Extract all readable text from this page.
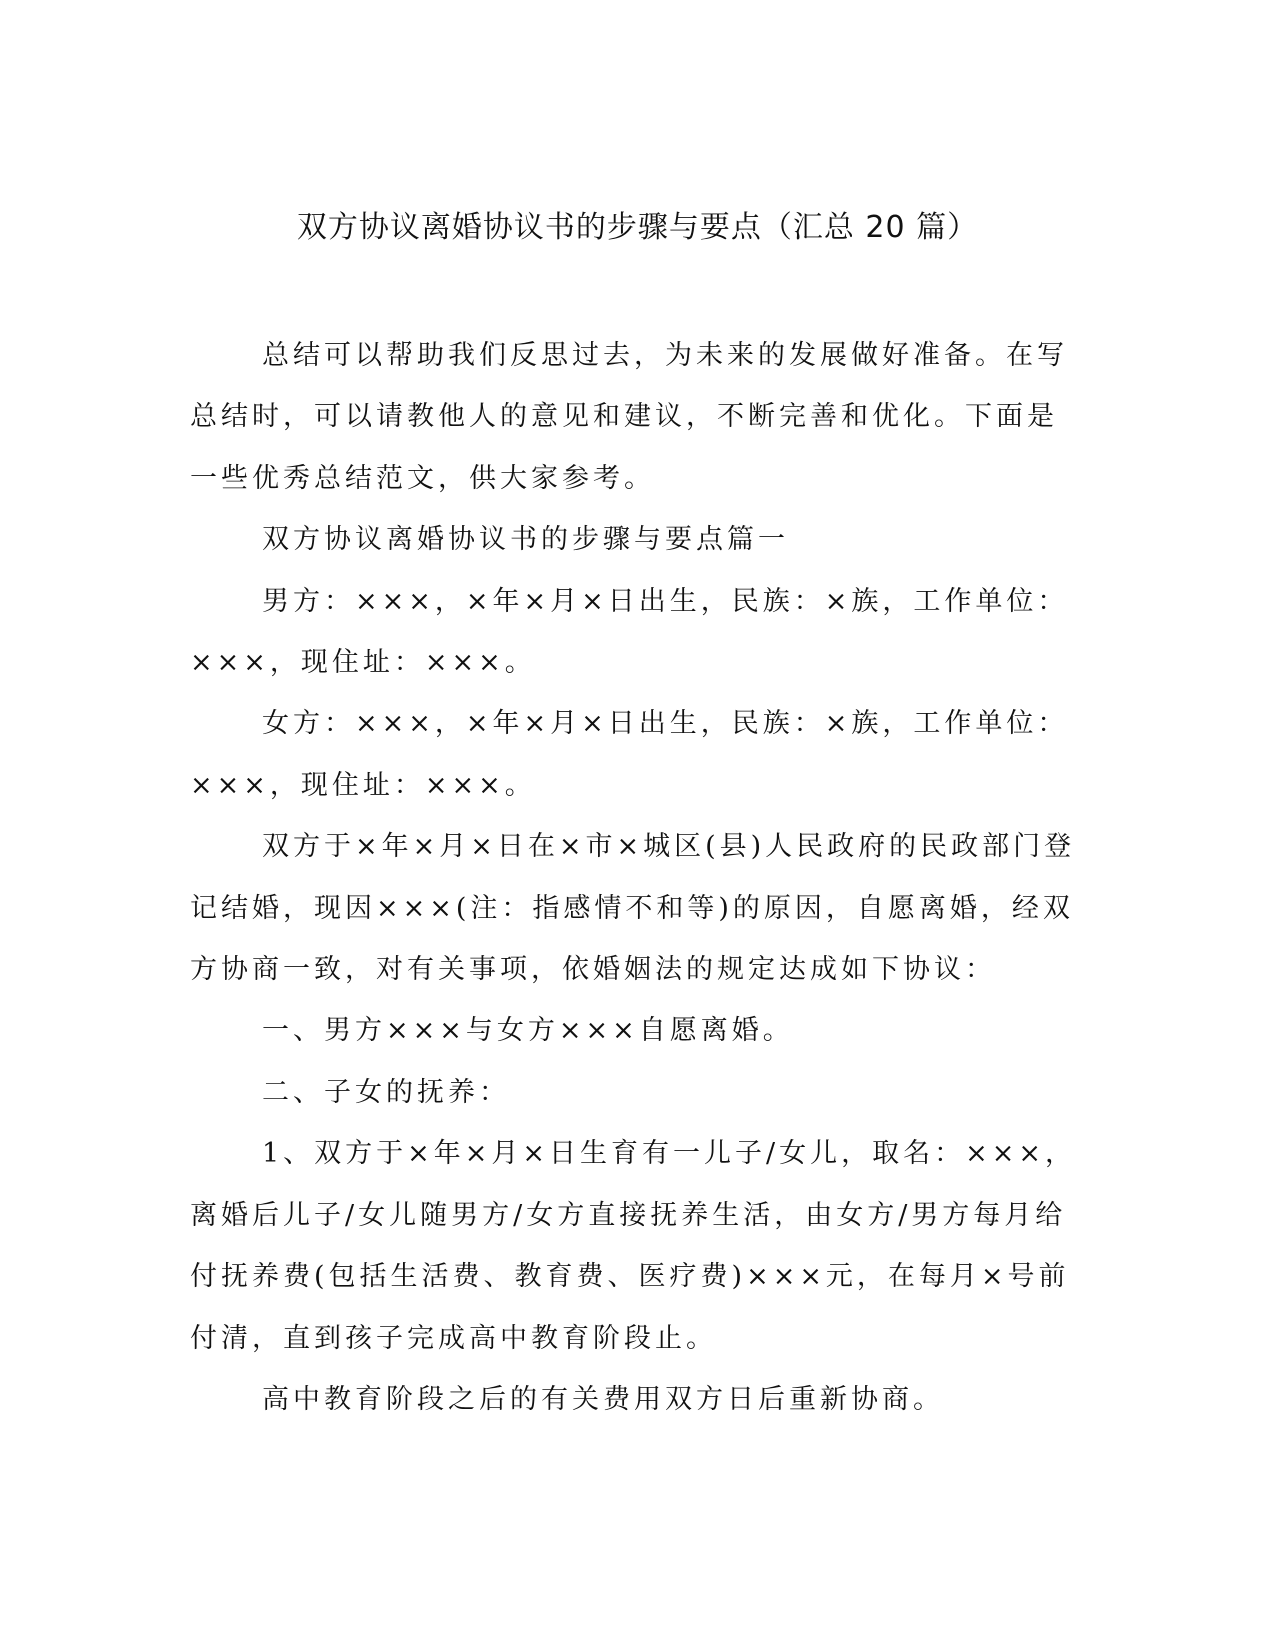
双方协议离婚协议书的步骤与要点（汇总 20 篇）

总结可以帮助我们反思过去，为未来的发展做好准备。在写总结时，可以请教他人的意见和建议，不断完善和优化。下面是一些优秀总结范文，供大家参考。

双方协议离婚协议书的步骤与要点篇一

男方：×××，×年×月×日出生，民族：×族，工作单位：×××，现住址：×××。

女方：×××，×年×月×日出生，民族：×族，工作单位：×××，现住址：×××。

双方于×年×月×日在×市×城区(县)人民政府的民政部门登记结婚，现因×××(注：指感情不和等)的原因，自愿离婚，经双方协商一致，对有关事项，依婚姻法的规定达成如下协议：

一、男方×××与女方×××自愿离婚。

二、子女的抚养：

1、双方于×年×月×日生育有一儿子/女儿，取名：×××，离婚后儿子/女儿随男方/女方直接抚养生活，由女方/男方每月给付抚养费(包括生活费、教育费、医疗费)×××元，在每月×号前付清，直到孩子完成高中教育阶段止。

高中教育阶段之后的有关费用双方日后重新协商。
